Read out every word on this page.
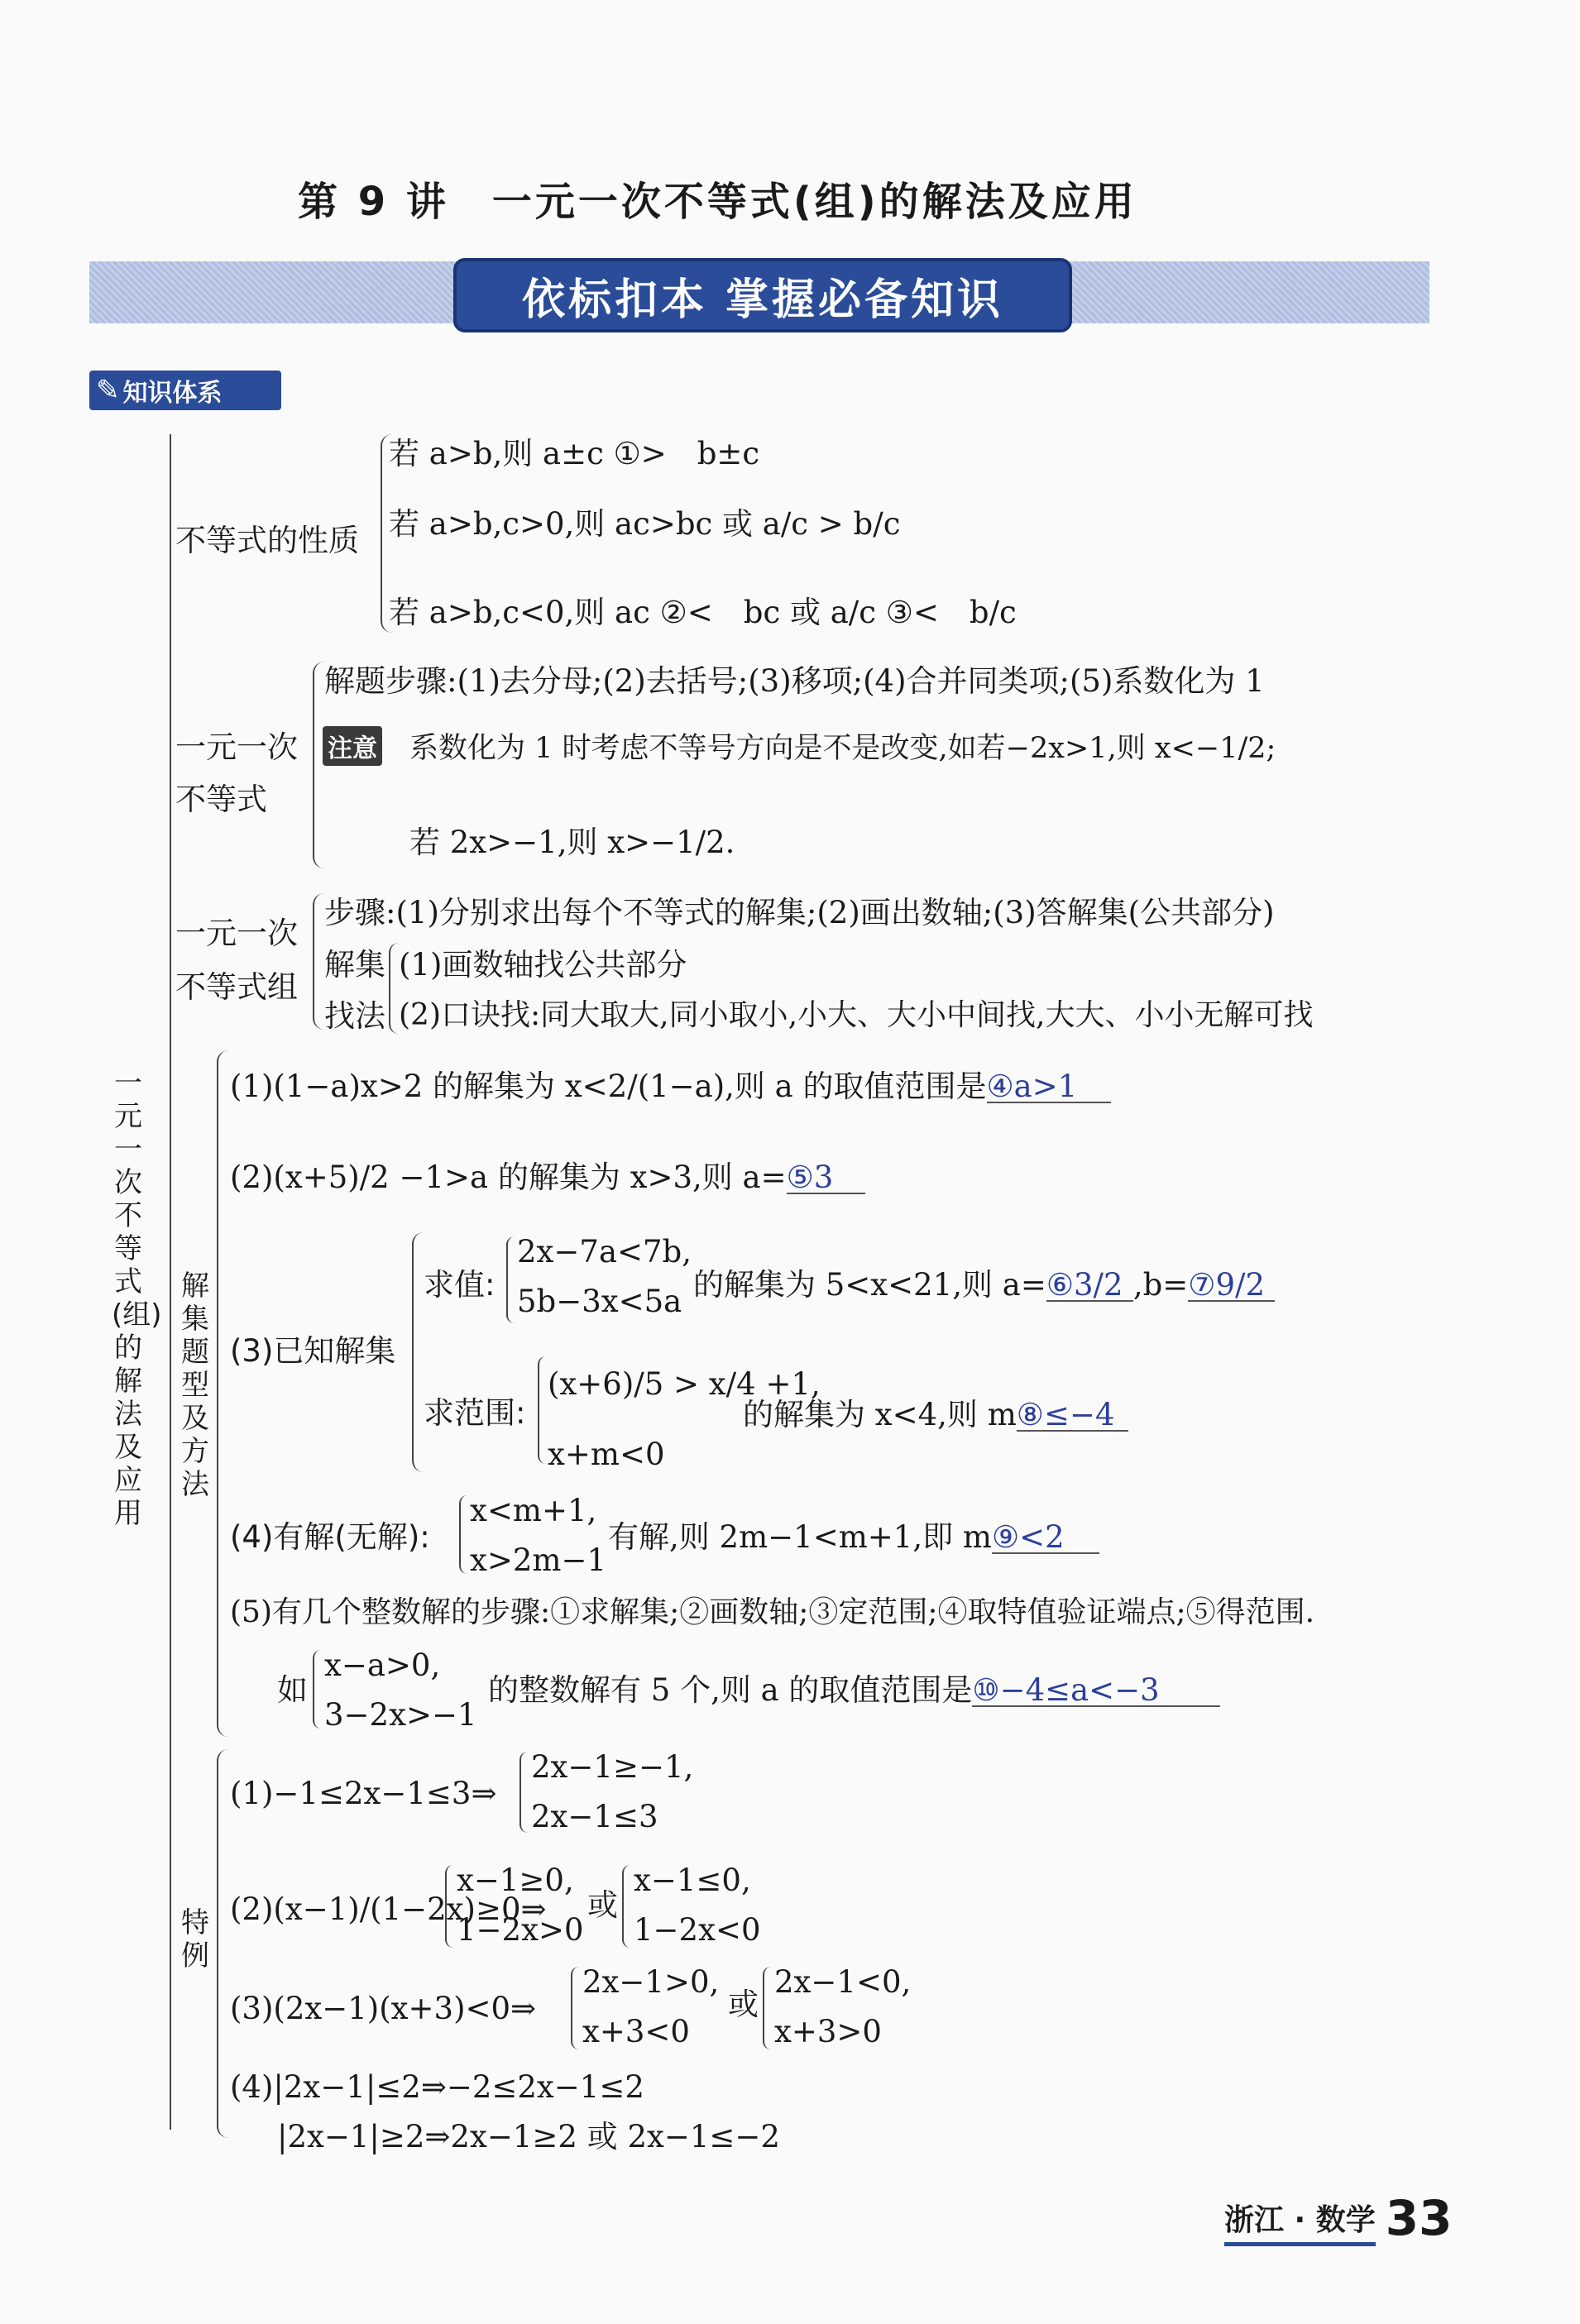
第 9 讲　一元一次不等式(组)的解法及应用
依标扣本 掌握必备知识
✎ 知识体系
一元一次不等式(组)的解法及应用
不等式的性质
若 a>b,则 a±c ①>　b±c
若 a>b,c>0,则 ac>bc 或 a/c > b/c
若 a>b,c<0,则 ac ②<　bc 或 a/c ③<　b/c
一元一次
不等式
解题步骤:(1)去分母;(2)去括号;(3)移项;(4)合并同类项;(5)系数化为 1
注意 系数化为 1 时考虑不等号方向是不是改变,如若−2x>1,则 x<−1/2;
若 2x>−1,则 x>−1/2.
一元一次
不等式组
步骤:(1)分别求出每个不等式的解集;(2)画出数轴;(3)答解集(公共部分)
解集
找法
(1)画数轴找公共部分
(2)口诀找:同大取大,同小取小,小大、大小中间找,大大、小小无解可找
解集题型及方法
(1)(1−a)x>2 的解集为 x<2/(1−a),则 a 的取值范围是④a>1
(2)(x+5)/2 −1>a 的解集为 x>3,则 a=⑤3
(3)已知解集
求值:
2x−7a<7b,
5b−3x<5a 的解集为 5<x<21,则 a=⑥3/2 ,b=⑦9/2
求范围:
(x+6)/5 > x/4 +1,
x+m<0
的解集为 x<4,则 m⑧≤−4
(4)有解(无解):
x<m+1,
x>2m−1
有解,则 2m−1<m+1,即 m⑨<2
(5)有几个整数解的步骤:①求解集;②画数轴;③定范围;④取特值验证端点;⑤得范围.
如
x−a>0,
3−2x>−1
的整数解有 5 个,则 a 的取值范围是⑩−4≤a<−3
特例
(1)−1≤2x−1≤3⇒
2x−1≥−1,
2x−1≤3
(2)(x−1)/(1−2x)≥0⇒
x−1≥0,
1−2x>0
或
x−1≤0,
1−2x<0
(3)(2x−1)(x+3)<0⇒
2x−1>0,
x+3<0
或
2x−1<0,
x+3>0
(4)|2x−1|≤2⇒−2≤2x−1≤2
|2x−1|≥2⇒2x−1≥2 或 2x−1≤−2
浙江 · 数学 33
